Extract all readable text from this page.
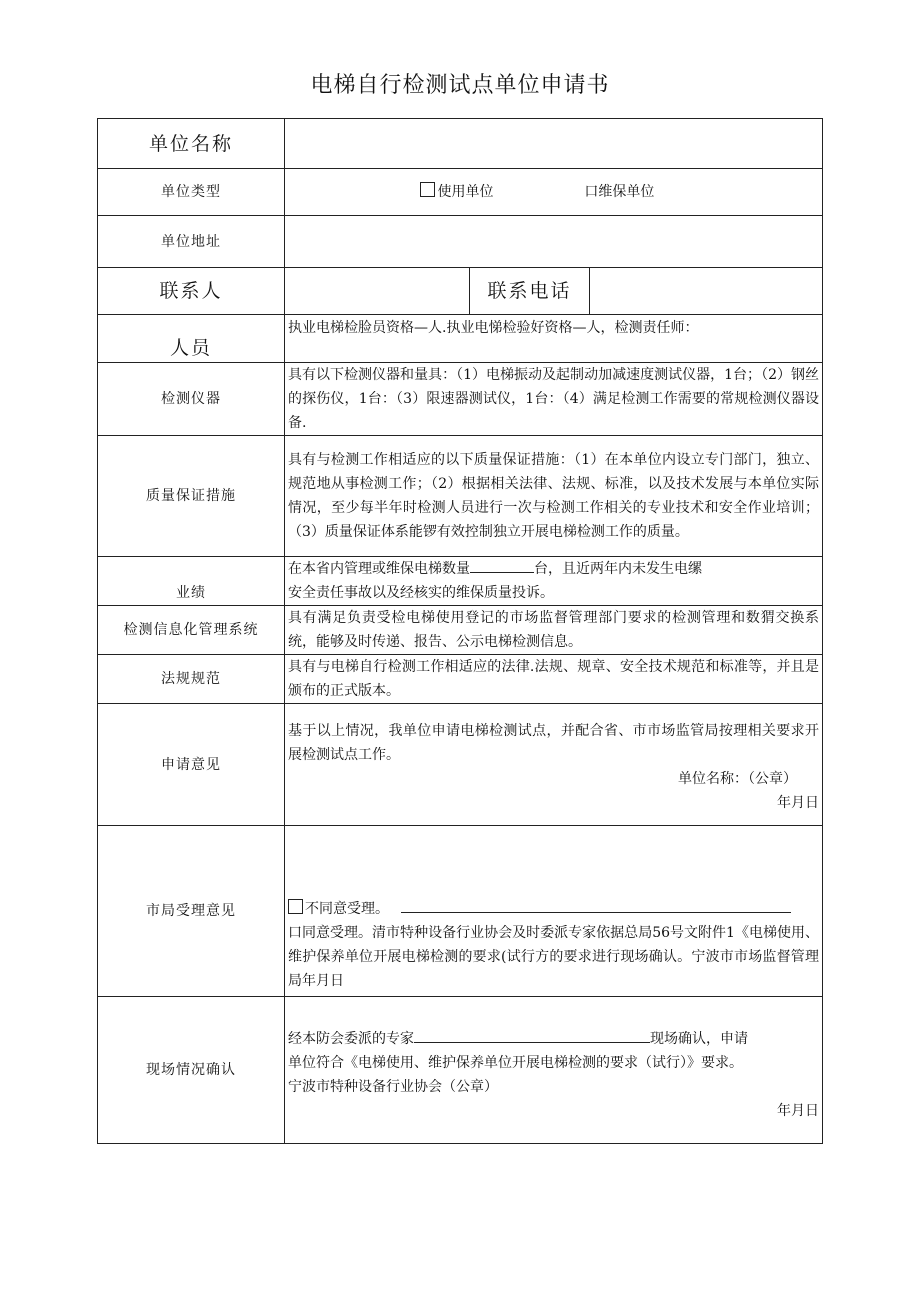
电梯自行检测试点单位申请书
单位名称			
单位类型	使用单位 口维保单位		
单位地址			
联系人		联系电话	
人员	执业电梯检脸员资格—人.执业电悌检验好资格—人，检测责任师：		
检测仪器	具有以下检测仪器和量具：（1）电梯振动及起制动加减速度测试仪器，1台；（2）钢丝的探伤仪，1台：（3）限速器测试仪，1台：（4）满足检测工作需要的常规检测仪器设备.		
质量保证措施	具有与检测工作相适应的以下质量保证措施：（1）在本单位内设立专门部门，独立、规范地从事检测工作；（2）根据相关法律、法规、标准，以及技术发展与本单位实际情况，至少每半年时检测人员进行一次与检测工作相关的专业技术和安全作业培训；（3）质量保证体系能锣有效控制独立开展电梯检测工作的质量。		
业绩	在本省内管理或维保电梯数量 台，且近两年内未发生电缧
安全责任事故以及经核实的维保质量投诉。		
检测信息化管理系统	具有满足负责受检电梯使用登记的市场监督管理部门要求的检测管理和数猬交换系统，能够及时传递、报告、公示电梯检测信息。		
法规规范	具有与电梯自行检测工作相适应的法律.法规、规章、安全技术规范和标准等，并且是颁布的正式版本。		
申请意见	基于以上情况，我单位申请电梯检测试点，并配合省、市市场监管局按理相关要求开展检测试点工作。
单位名称：（公章）
年月日		

市局受理意见	不同意受理。
口同意受理。清市特种设备行业协会及时委派专家依据总局56号文附件1《电梯使用、维护保养单位开展电梯检测的要求(试行方的要求进行现场确认。宁波市市场监督管理局年月日		

现场情况确认	经本防会委派的专家 现场确认，申请
单位符合《电梯使用、维护保养单位开展电梯检测的要求（试行）》要求。
宁波市特种设备行业协会（公章）
年月日		
